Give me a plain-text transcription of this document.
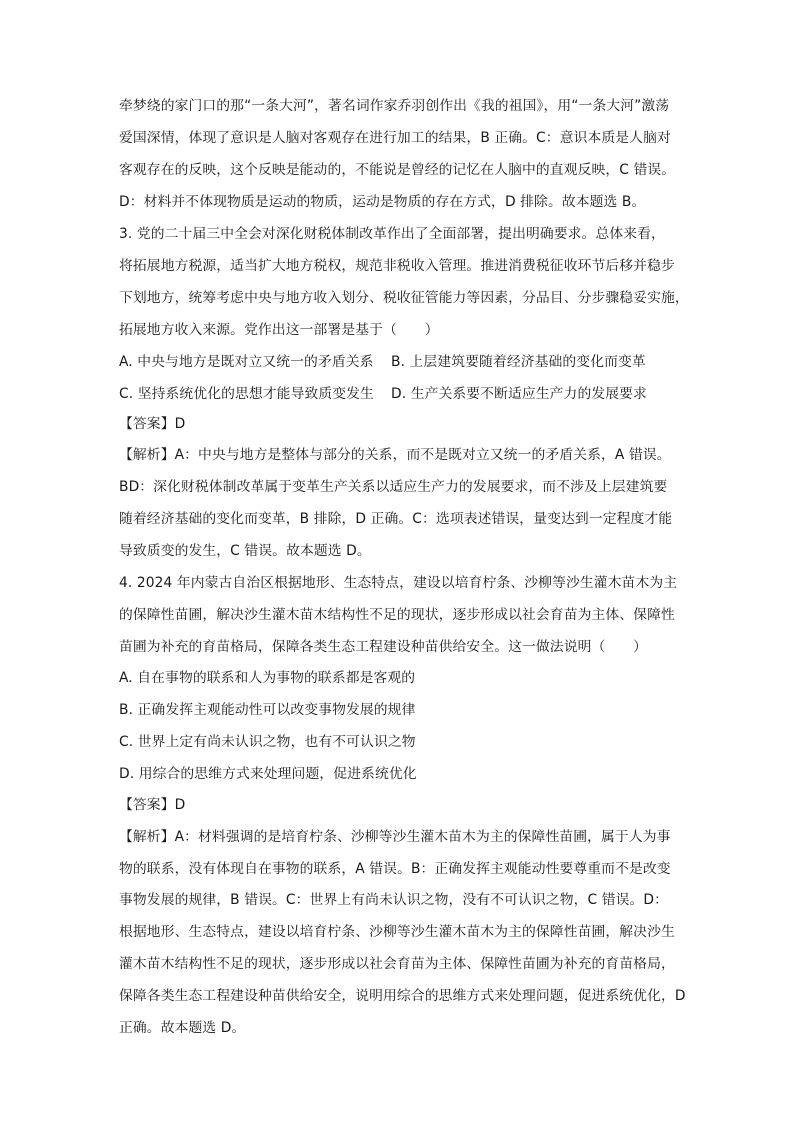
牵梦绕的家门口的那“一条大河”，著名词作家乔羽创作出《我的祖国》，用“一条大河”激荡
爱国深情，体现了意识是人脑对客观存在进行加工的结果，B 正确。C：意识本质是人脑对
客观存在的反映，这个反映是能动的，不能说是曾经的记忆在人脑中的直观反映，C 错误。
D：材料并不体现物质是运动的物质，运动是物质的存在方式，D 排除。故本题选 B。
3. 党的二十届三中全会对深化财税体制改革作出了全面部署，提出明确要求。总体来看，
将拓展地方税源，适当扩大地方税权，规范非税收入管理。推进消费税征收环节后移并稳步
下划地方，统筹考虑中央与地方收入划分、税收征管能力等因素，分品目、分步骤稳妥实施，
拓展地方收入来源。党作出这一部署是基于（　　）
A. 中央与地方是既对立又统一的矛盾关系 B. 上层建筑要随着经济基础的变化而变革
C. 坚持系统优化的思想才能导致质变发生 D. 生产关系要不断适应生产力的发展要求
【答案】D
【解析】A：中央与地方是整体与部分的关系，而不是既对立又统一的矛盾关系，A 错误。
BD：深化财税体制改革属于变革生产关系以适应生产力的发展要求，而不涉及上层建筑要
随着经济基础的变化而变革，B 排除，D 正确。C：选项表述错误，量变达到一定程度才能
导致质变的发生，C 错误。故本题选 D。
4. 2024 年内蒙古自治区根据地形、生态特点，建设以培育柠条、沙柳等沙生灌木苗木为主
的保障性苗圃，解决沙生灌木苗木结构性不足的现状，逐步形成以社会育苗为主体、保障性
苗圃为补充的育苗格局，保障各类生态工程建设种苗供给安全。这一做法说明（　　）
A. 自在事物的联系和人为事物的联系都是客观的
B. 正确发挥主观能动性可以改变事物发展的规律
C. 世界上定有尚未认识之物，也有不可认识之物
D. 用综合的思维方式来处理问题，促进系统优化
【答案】D
【解析】A：材料强调的是培育柠条、沙柳等沙生灌木苗木为主的保障性苗圃，属于人为事
物的联系，没有体现自在事物的联系，A 错误。B：正确发挥主观能动性要尊重而不是改变
事物发展的规律，B 错误。C：世界上有尚未认识之物，没有不可认识之物，C 错误。D：
根据地形、生态特点，建设以培育柠条、沙柳等沙生灌木苗木为主的保障性苗圃，解决沙生
灌木苗木结构性不足的现状，逐步形成以社会育苗为主体、保障性苗圃为补充的育苗格局，
保障各类生态工程建设种苗供给安全，说明用综合的思维方式来处理问题，促进系统优化，D
正确。故本题选 D。
